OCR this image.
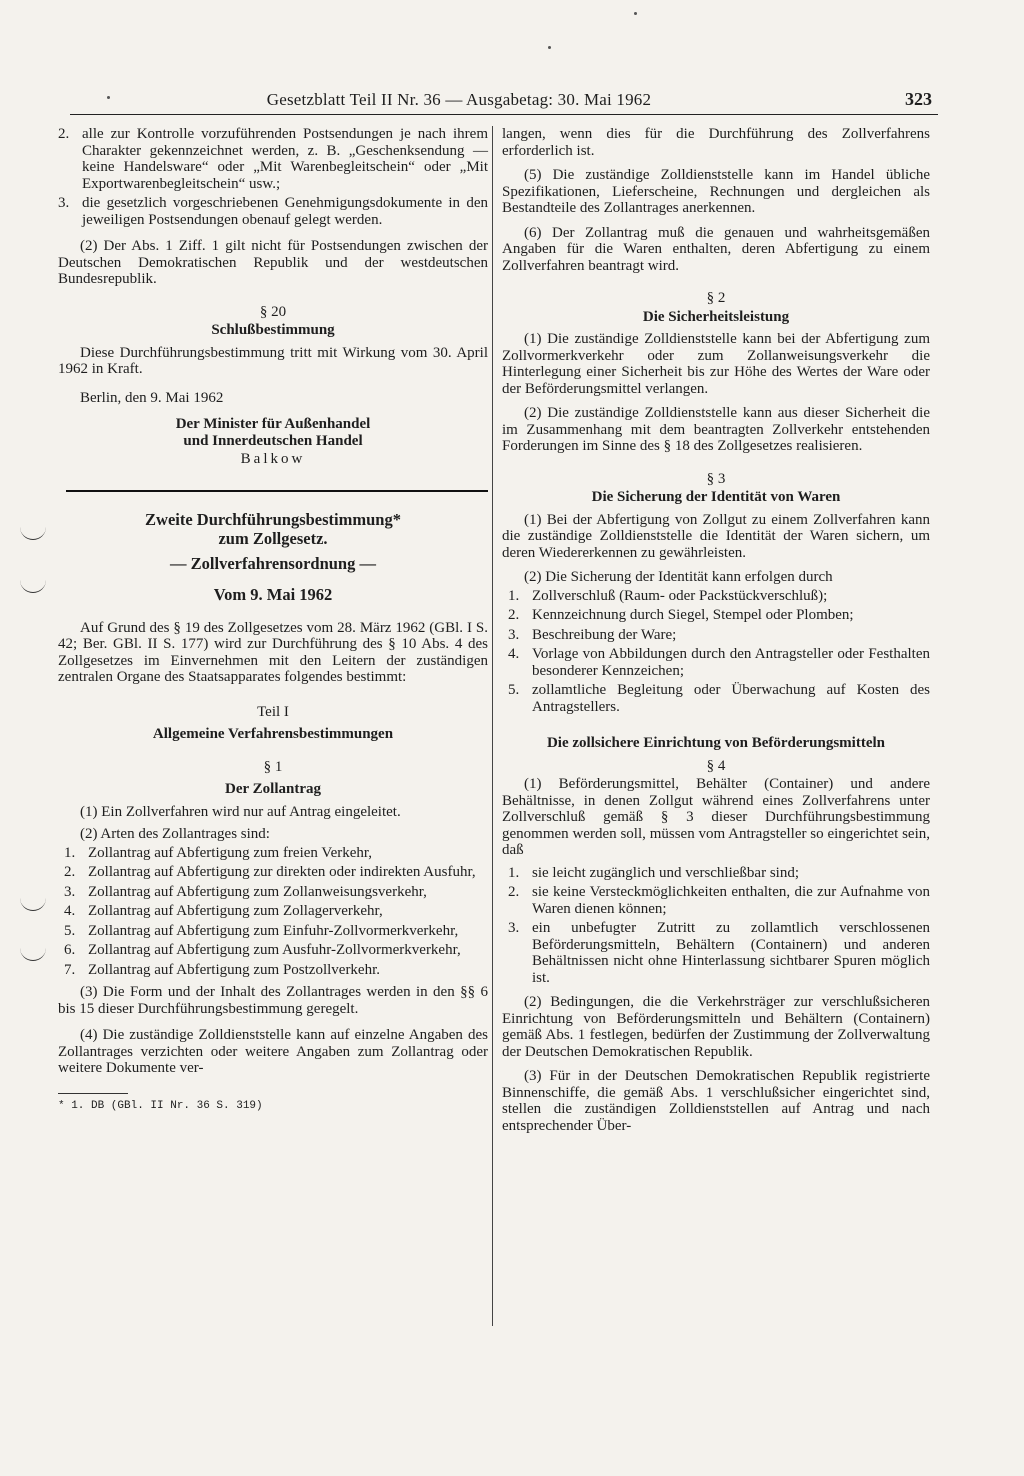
Gesetzblatt Teil II Nr. 36 — Ausgabetag: 30. Mai 1962	323
2. alle zur Kontrolle vorzuführenden Postsendungen je nach ihrem Charakter gekennzeichnet werden, z. B. „Geschenksendung — keine Handelsware“ oder „Mit Warenbegleitschein“ oder „Mit Exportwarenbegleitschein“ usw.;
3. die gesetzlich vorgeschriebenen Genehmigungsdokumente in den jeweiligen Postsendungen obenauf gelegt werden.

(2) Der Abs. 1 Ziff. 1 gilt nicht für Postsendungen zwischen der Deutschen Demokratischen Republik und der westdeutschen Bundesrepublik.

§ 20
Schlußbestimmung

Diese Durchführungsbestimmung tritt mit Wirkung vom 30. April 1962 in Kraft.

Berlin, den 9. Mai 1962

Der Minister für Außenhandel
und Innerdeutschen Handel
Balkow
Zweite Durchführungsbestimmung*
zum Zollgesetz.
— Zollverfahrensordnung —
Vom 9. Mai 1962

Auf Grund des § 19 des Zollgesetzes vom 28. März 1962 (GBl. I S. 42; Ber. GBl. II S. 177) wird zur Durchführung des § 10 Abs. 4 des Zollgesetzes im Einvernehmen mit den Leitern der zuständigen zentralen Organe des Staatsapparates folgendes bestimmt:

Teil I
Allgemeine Verfahrensbestimmungen
§ 1
Der Zollantrag

(1) Ein Zollverfahren wird nur auf Antrag eingeleitet.

(2) Arten des Zollantrages sind:

1. Zollantrag auf Abfertigung zum freien Verkehr,
2. Zollantrag auf Abfertigung zur direkten oder indirekten Ausfuhr,
3. Zollantrag auf Abfertigung zum Zollanweisungsverkehr,
4. Zollantrag auf Abfertigung zum Zollagerverkehr,
5. Zollantrag auf Abfertigung zum Einfuhr-Zollvormerkverkehr,
6. Zollantrag auf Abfertigung zum Ausfuhr-Zollvormerkverkehr,
7. Zollantrag auf Abfertigung zum Postzollverkehr.

(3) Die Form und der Inhalt des Zollantrages werden in den §§ 6 bis 15 dieser Durchführungsbestimmung geregelt.

(4) Die zuständige Zolldienststelle kann auf einzelne Angaben des Zollantrages verzichten oder weitere Angaben zum Zollantrag oder weitere Dokumente ver-

* 1. DB (GBl. II Nr. 36 S. 319)

langen, wenn dies für die Durchführung des Zollverfahrens erforderlich ist.

(5) Die zuständige Zolldienststelle kann im Handel übliche Spezifikationen, Lieferscheine, Rechnungen und dergleichen als Bestandteile des Zollantrages anerkennen.

(6) Der Zollantrag muß die genauen und wahrheitsgemäßen Angaben für die Waren enthalten, deren Abfertigung zu einem Zollverfahren beantragt wird.

§ 2
Die Sicherheitsleistung

(1) Die zuständige Zolldienststelle kann bei der Abfertigung zum Zollvormerkverkehr oder zum Zollanweisungsverkehr die Hinterlegung einer Sicherheit bis zur Höhe des Wertes der Ware oder der Beförderungsmittel verlangen.

(2) Die zuständige Zolldienststelle kann aus dieser Sicherheit die im Zusammenhang mit dem beantragten Zollverkehr entstehenden Forderungen im Sinne des § 18 des Zollgesetzes realisieren.

§ 3
Die Sicherung der Identität von Waren

(1) Bei der Abfertigung von Zollgut zu einem Zollverfahren kann die zuständige Zolldienststelle die Identität der Waren sichern, um deren Wiedererkennen zu gewährleisten.

(2) Die Sicherung der Identität kann erfolgen durch

1. Zollverschluß (Raum- oder Packstückverschluß);
2. Kennzeichnung durch Siegel, Stempel oder Plomben;
3. Beschreibung der Ware;
4. Vorlage von Abbildungen durch den Antragsteller oder Festhalten besonderer Kennzeichen;
5. zollamtliche Begleitung oder Überwachung auf Kosten des Antragstellers.
Die zollsichere Einrichtung von Beförderungsmitteln
§ 4

(1) Beförderungsmittel, Behälter (Container) und andere Behältnisse, in denen Zollgut während eines Zollverfahrens unter Zollverschluß gemäß § 3 dieser Durchführungsbestimmung genommen werden soll, müssen vom Antragsteller so eingerichtet sein, daß

1. sie leicht zugänglich und verschließbar sind;
2. sie keine Versteckmöglichkeiten enthalten, die zur Aufnahme von Waren dienen können;
3. ein unbefugter Zutritt zu zollamtlich verschlossenen Beförderungsmitteln, Behältern (Containern) und anderen Behältnissen nicht ohne Hinterlassung sichtbarer Spuren möglich ist.

(2) Bedingungen, die die Verkehrsträger zur verschlußsicheren Einrichtung von Beförderungsmitteln und Behältern (Containern) gemäß Abs. 1 festlegen, bedürfen der Zustimmung der Zollverwaltung der Deutschen Demokratischen Republik.

(3) Für in der Deutschen Demokratischen Republik registrierte Binnenschiffe, die gemäß Abs. 1 verschlußsicher eingerichtet sind, stellen die zuständigen Zolldienststellen auf Antrag und nach entsprechender Über-
